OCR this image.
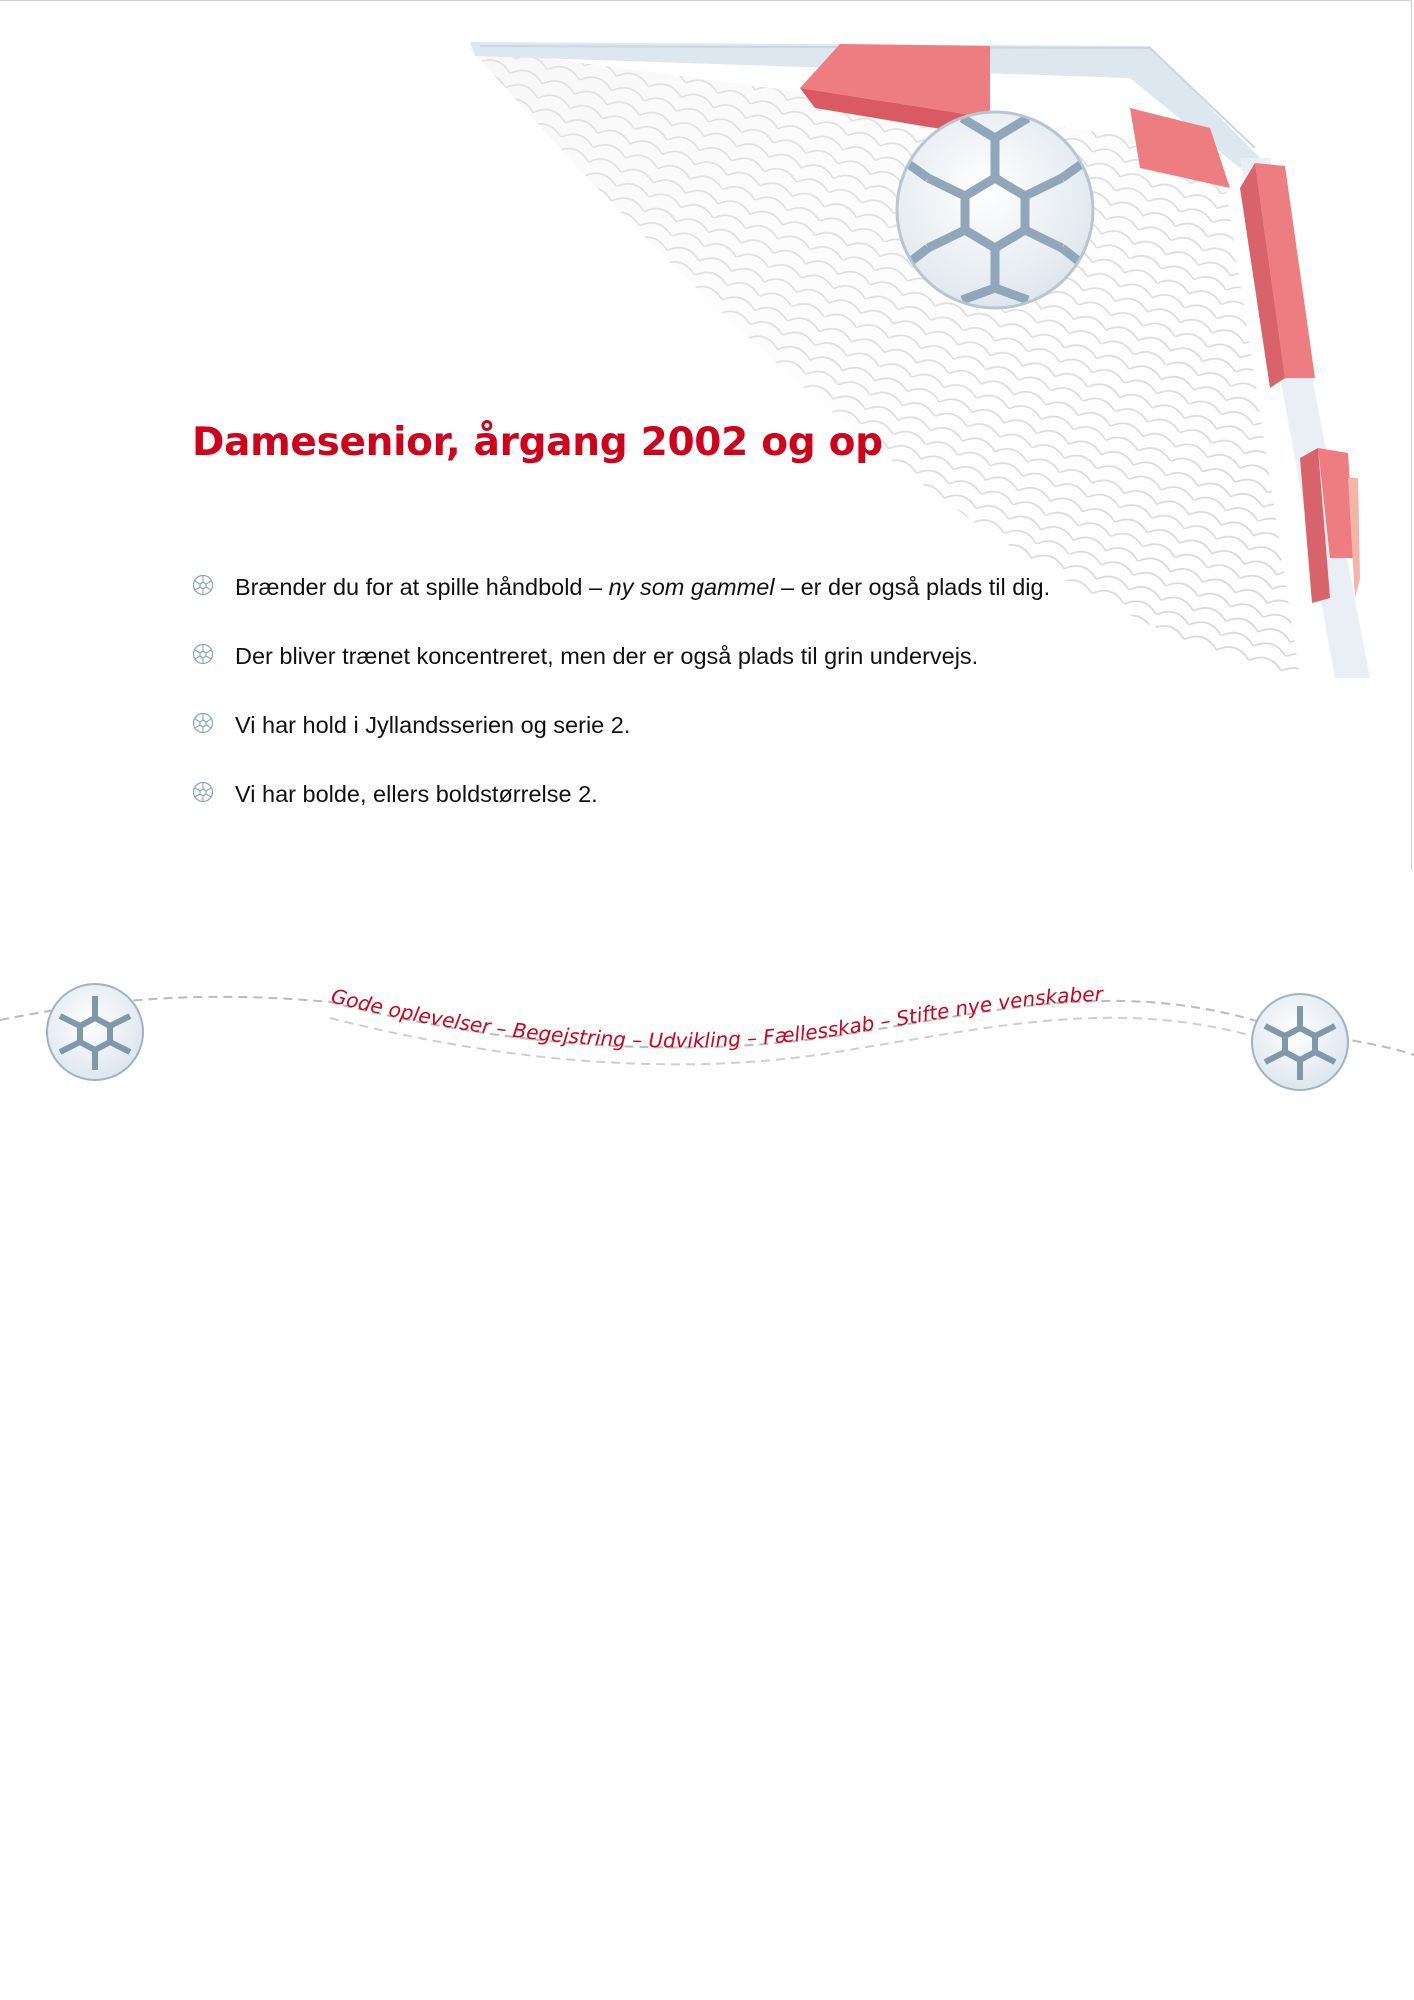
Damesenior, årgang 2002 og op
Brænder du for at spille håndbold – ny som gammel – er der også plads til dig.
Der bliver trænet koncentreret, men der er også plads til grin undervejs.
Vi har hold i Jyllandsserien og serie 2.
Vi har bolde, ellers boldstørrelse 2.
Gode oplevelser – Begejstring – Udvikling – Fællesskab – Stifte nye venskaber
